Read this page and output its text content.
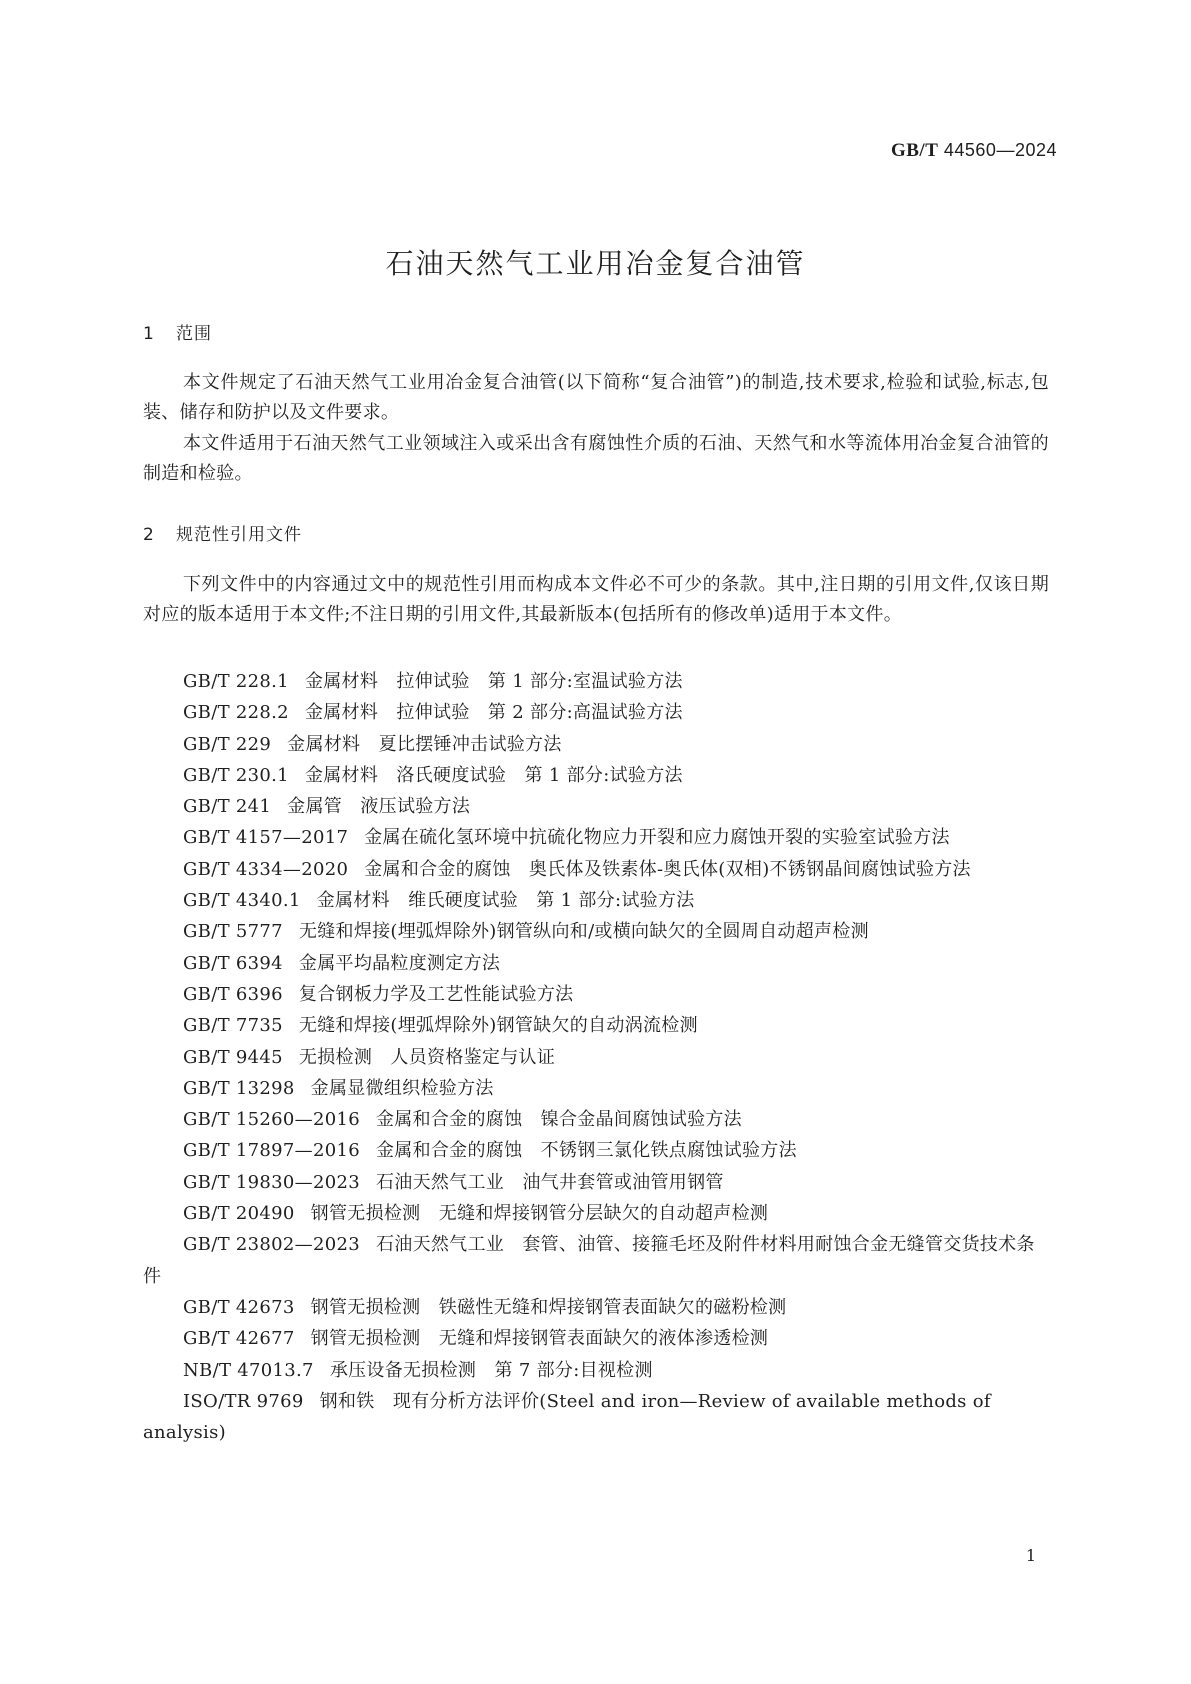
GB/T 44560—2024
石油天然气工业用冶金复合油管
1 范围

本文件规定了石油天然气工业用冶金复合油管(以下简称“复合油管”)的制造,技术要求,检验和试验,标志,包装、储存和防护以及文件要求。

本文件适用于石油天然气工业领域注入或采出含有腐蚀性介质的石油、天然气和水等流体用冶金复合油管的制造和检验。

2 规范性引用文件

下列文件中的内容通过文中的规范性引用而构成本文件必不可少的条款。其中,注日期的引用文件,仅该日期对应的版本适用于本文件;不注日期的引用文件,其最新版本(包括所有的修改单)适用于本文件。

GB/T 228.1 金属材料　拉伸试验　第 1 部分:室温试验方法
GB/T 228.2 金属材料　拉伸试验　第 2 部分:高温试验方法
GB/T 229 金属材料　夏比摆锤冲击试验方法
GB/T 230.1 金属材料　洛氏硬度试验　第 1 部分:试验方法
GB/T 241 金属管　液压试验方法
GB/T 4157—2017 金属在硫化氢环境中抗硫化物应力开裂和应力腐蚀开裂的实验室试验方法
GB/T 4334—2020 金属和合金的腐蚀　奥氏体及铁素体-奥氏体(双相)不锈钢晶间腐蚀试验方法
GB/T 4340.1 金属材料　维氏硬度试验　第 1 部分:试验方法
GB/T 5777 无缝和焊接(埋弧焊除外)钢管纵向和/或横向缺欠的全圆周自动超声检测
GB/T 6394 金属平均晶粒度测定方法
GB/T 6396 复合钢板力学及工艺性能试验方法
GB/T 7735 无缝和焊接(埋弧焊除外)钢管缺欠的自动涡流检测
GB/T 9445 无损检测　人员资格鉴定与认证
GB/T 13298 金属显微组织检验方法
GB/T 15260—2016 金属和合金的腐蚀　镍合金晶间腐蚀试验方法
GB/T 17897—2016 金属和合金的腐蚀　不锈钢三氯化铁点腐蚀试验方法
GB/T 19830—2023 石油天然气工业　油气井套管或油管用钢管
GB/T 20490 钢管无损检测　无缝和焊接钢管分层缺欠的自动超声检测
GB/T 23802—2023 石油天然气工业　套管、油管、接箍毛坯及附件材料用耐蚀合金无缝管交货技术条件
GB/T 42673 钢管无损检测　铁磁性无缝和焊接钢管表面缺欠的磁粉检测
GB/T 42677 钢管无损检测　无缝和焊接钢管表面缺欠的液体渗透检测
NB/T 47013.7 承压设备无损检测　第 7 部分:目视检测
ISO/TR 9769 钢和铁　现有分析方法评价(Steel and iron—Review of available methods of analysis)
1
